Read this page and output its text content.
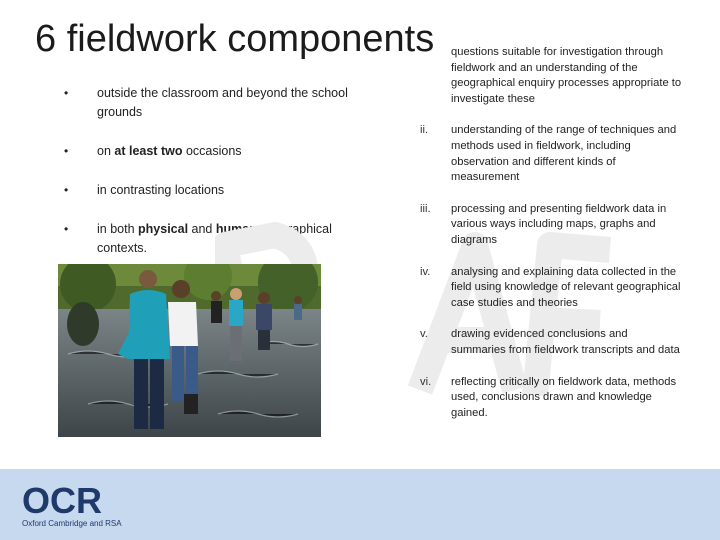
6 fieldwork components
•	outside the classroom and beyond the school grounds
•	on at least two occasions
•	in contrasting locations
•	in both physical and human geographical contexts.
questions suitable for investigation through fieldwork and an understanding of the geographical enquiry processes appropriate to investigate these
ii.	understanding of the range of techniques and methods used in fieldwork, including observation and different kinds of measurement
iii.	processing and presenting fieldwork data in various ways including maps, graphs and diagrams
iv.	analysing and explaining data collected in the field using knowledge of relevant geographical case studies and theories
v.	drawing evidenced conclusions and summaries from fieldwork transcripts and data
vi.	reflecting critically on fieldwork data, methods used, conclusions drawn and knowledge gained.
OCR
Oxford Cambridge and RSA
